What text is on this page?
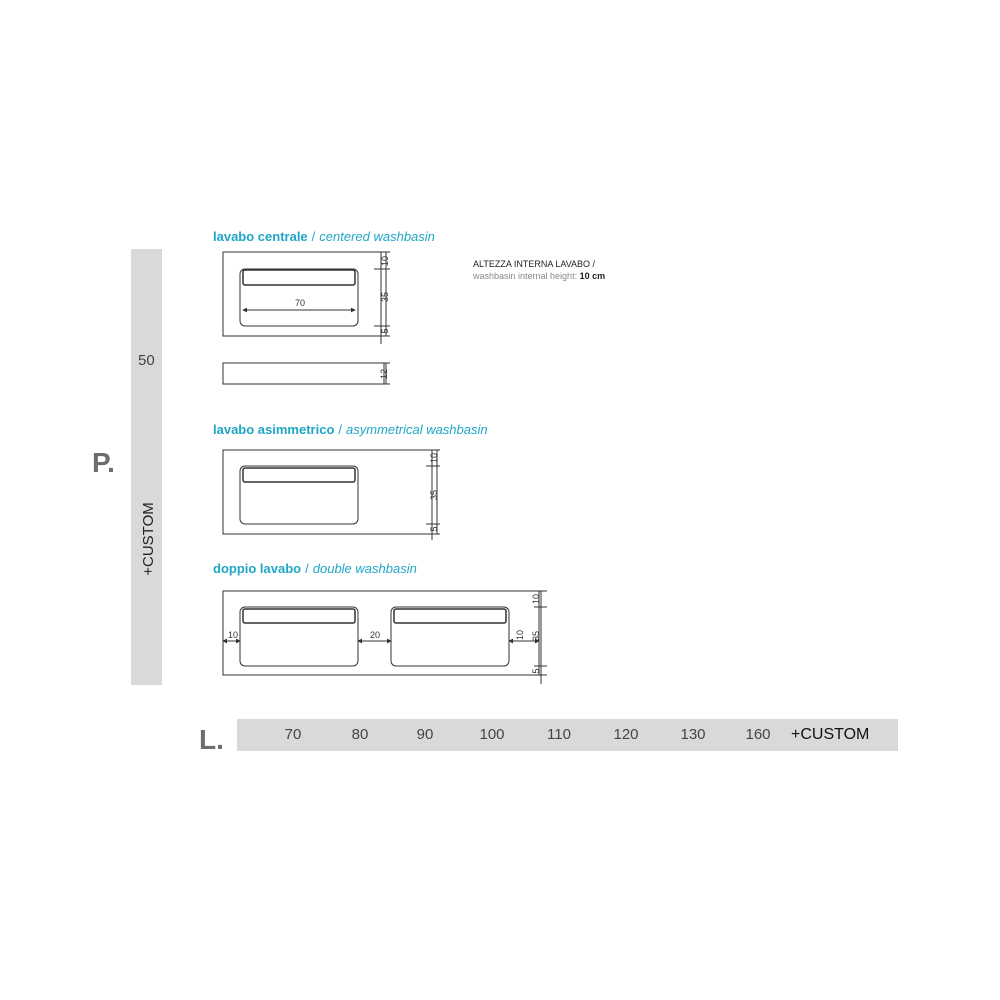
lavabo centrale / centered washbasin
lavabo asimmetrico / asymmetrical washbasin
doppio lavabo / double washbasin
ALTEZZA INTERNA LAVABO /
washbasin internal height: 10 cm
P.
50
+CUSTOM
L.	70	80	90	100	110	120	130	160	+CUSTOM
70
10
35
5
12
10
35
5
10	20	10
10
35
5
